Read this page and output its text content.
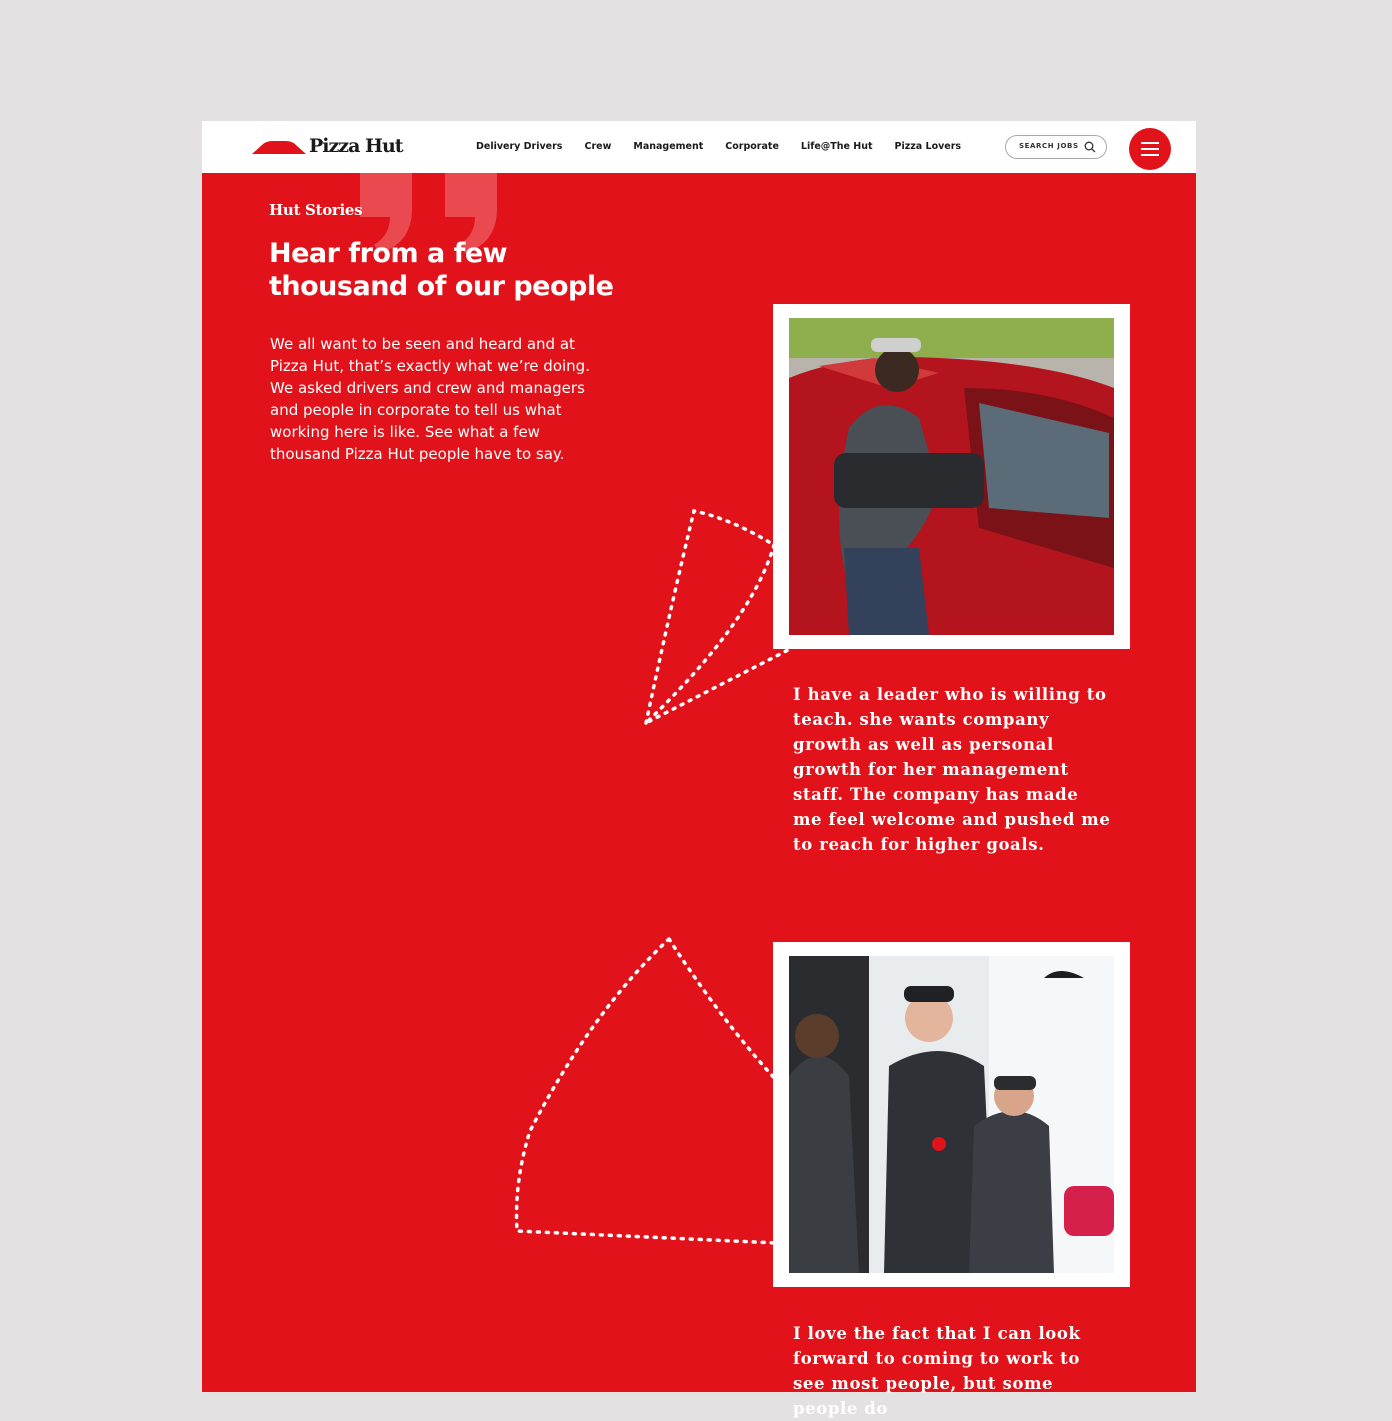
Pizza Hut	Delivery Drivers Crew Management Corporate Life@The Hut Pizza Lovers	SEARCH JOBS
Hut Stories
Hear from a few thousand of our people

We all want to be seen and heard and at Pizza Hut, that’s exactly what we’re doing. We asked drivers and crew and managers and people in corporate to tell us what working here is like. See what a few thousand Pizza Hut people have to say.

I have a leader who is willing to teach. she wants company growth as well as personal growth for her management staff. The company has made me feel welcome and pushed me to reach for higher goals.

I love the fact that I can look forward to coming to work to see most people, but some people do
